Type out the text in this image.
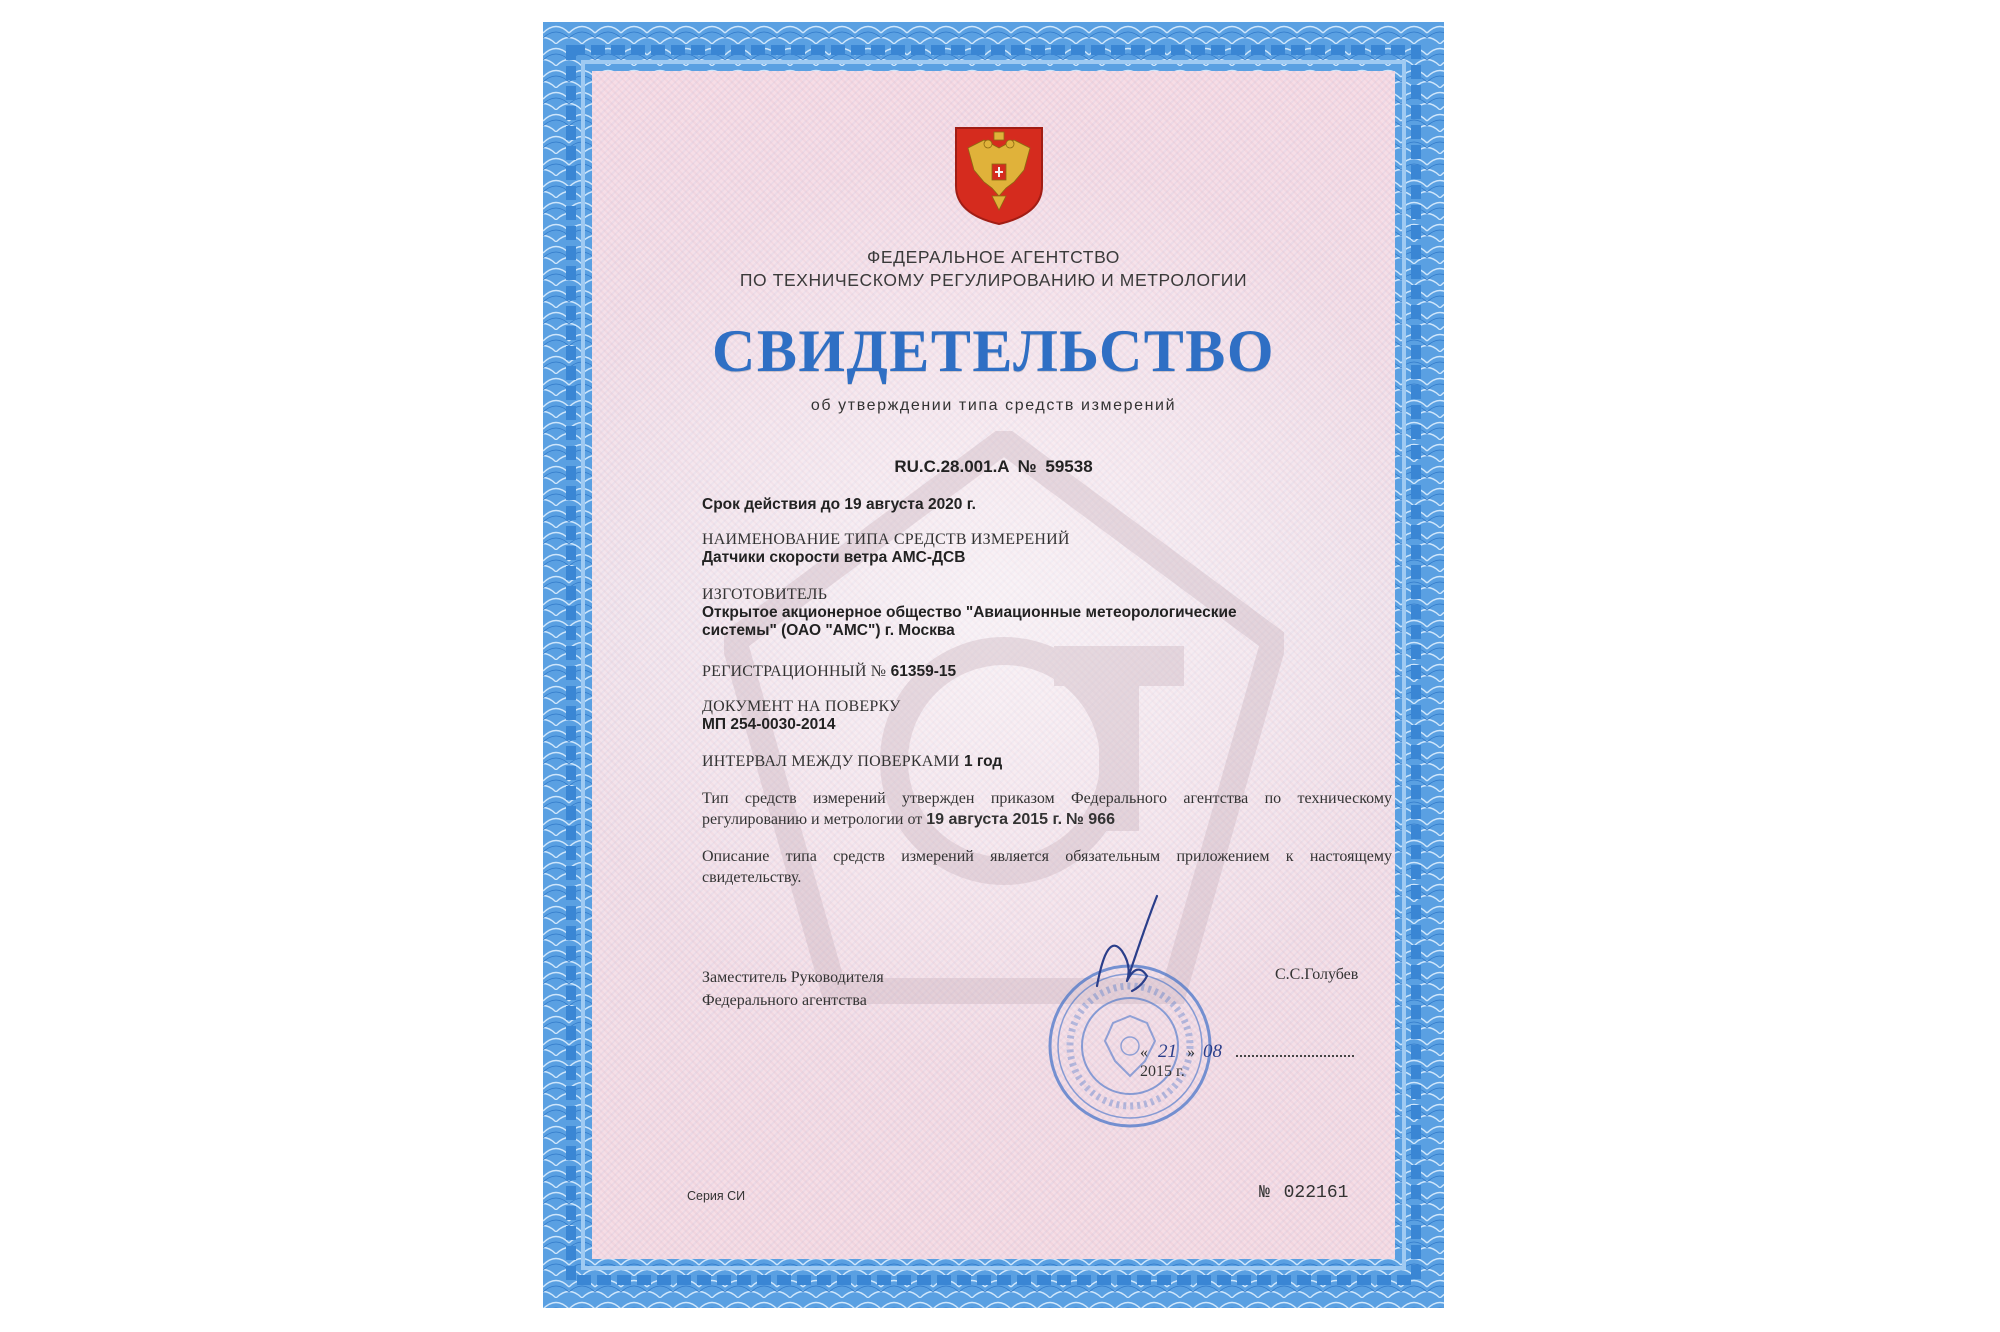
ФЕДЕРАЛЬНОЕ АГЕНТСТВО
ПО ТЕХНИЧЕСКОМУ РЕГУЛИРОВАНИЮ И МЕТРОЛОГИИ
СВИДЕТЕЛЬСТВО
об утверждении типа средств измерений
RU.C.28.001.A № 59538
Срок действия до 19 августа 2020 г.
НАИМЕНОВАНИЕ ТИПА СРЕДСТВ ИЗМЕРЕНИЙ
Датчики скорости ветра АМС-ДСВ
ИЗГОТОВИТЕЛЬ
Открытое акционерное общество "Авиационные метеорологические
системы" (ОАО "АМС") г. Москва
РЕГИСТРАЦИОННЫЙ № 61359-15
ДОКУМЕНТ НА ПОВЕРКУ
МП 254-0030-2014
ИНТЕРВАЛ МЕЖДУ ПОВЕРКАМИ 1 год
Тип средств измерений утвержден приказом Федерального агентства по техническому регулированию и метрологии от 19 августа 2015 г. № 966
Описание типа средств измерений является обязательным приложением к настоящему свидетельству.
Заместитель Руководителя
Федерального агентства
С.С.Голубев
« 21 » 08  2015 г.
Серия СИ	№ 022161
